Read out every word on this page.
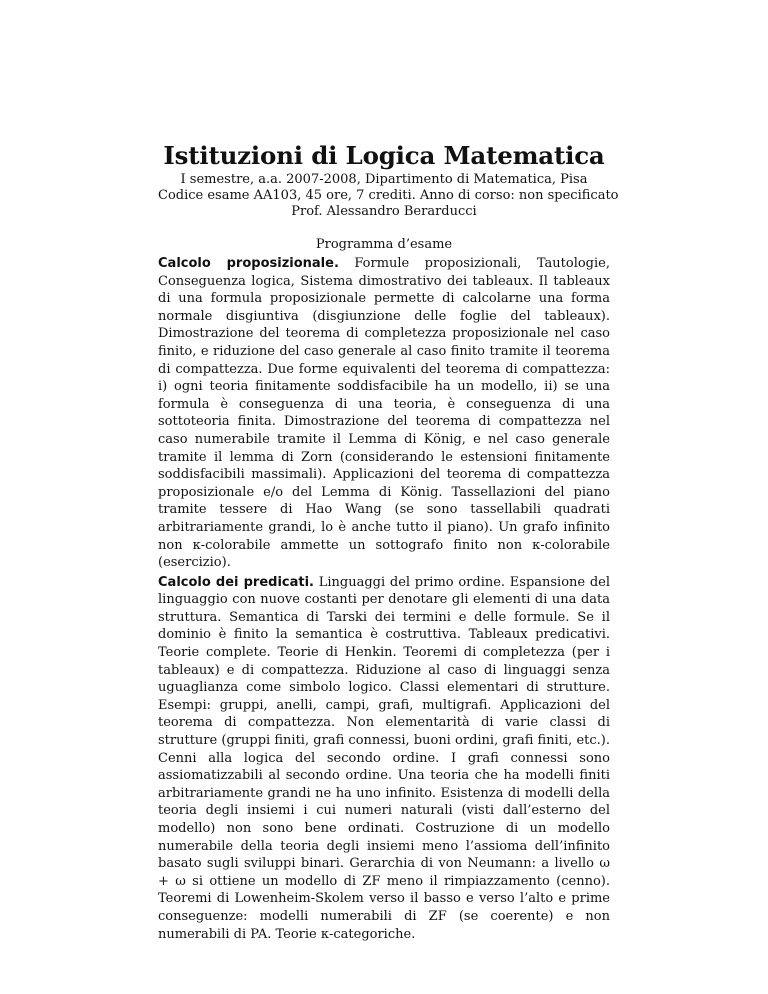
Istituzioni di Logica Matematica

I semestre, a.a. 2007-2008, Dipartimento di Matematica, Pisa

Codice esame AA103, 45 ore, 7 crediti. Anno di corso: non specificato

Prof. Alessandro Berarducci

Programma d’esame

Calcolo proposizionale. Formule proposizionali, Tautologie, Conseguenza logica, Sistema dimostrativo dei tableaux. Il tableaux di una formula proposizionale permette di calcolarne una forma normale disgiuntiva (disgiunzione delle foglie del tableaux). Dimostrazione del teorema di completezza proposizionale nel caso finito, e riduzione del caso generale al caso finito tramite il teorema di compattezza. Due forme equivalenti del teorema di compattezza: i) ogni teoria finitamente soddisfacibile ha un modello, ii) se una formula è conseguenza di una teoria, è conseguenza di una sottoteoria finita. Dimostrazione del teorema di compattezza nel caso numerabile tramite il Lemma di König, e nel caso generale tramite il lemma di Zorn (considerando le estensioni finitamente soddisfacibili massimali). Applicazioni del teorema di compattezza proposizionale e/o del Lemma di König. Tassellazioni del piano tramite tessere di Hao Wang (se sono tassellabili quadrati arbitrariamente grandi, lo è anche tutto il piano). Un grafo infinito non κ-colorabile ammette un sottografo finito non κ-colorabile (esercizio).

Calcolo dei predicati. Linguaggi del primo ordine. Espansione del linguaggio con nuove costanti per denotare gli elementi di una data struttura. Semantica di Tarski dei termini e delle formule. Se il dominio è finito la semantica è costruttiva. Tableaux predicativi. Teorie complete. Teorie di Henkin. Teoremi di completezza (per i tableaux) e di compattezza. Riduzione al caso di linguaggi senza uguaglianza come simbolo logico. Classi elementari di strutture. Esempi: gruppi, anelli, campi, grafi, multigrafi. Applicazioni del teorema di compattezza. Non elementarità di varie classi di strutture (gruppi finiti, grafi connessi, buoni ordini, grafi finiti, etc.). Cenni alla logica del secondo ordine. I grafi connessi sono assiomatizzabili al secondo ordine. Una teoria che ha modelli finiti arbitrariamente grandi ne ha uno infinito. Esistenza di modelli della teoria degli insiemi i cui numeri naturali (visti dall’esterno del modello) non sono bene ordinati. Costruzione di un modello numerabile della teoria degli insiemi meno l’assioma dell’infinito basato sugli sviluppi binari. Gerarchia di von Neumann: a livello ω + ω si ottiene un modello di ZF meno il rimpiazzamento (cenno). Teoremi di Lowenheim-Skolem verso il basso e verso l’alto e prime conseguenze: modelli numerabili di ZF (se coerente) e non numerabili di PA. Teorie κ-categoriche.
